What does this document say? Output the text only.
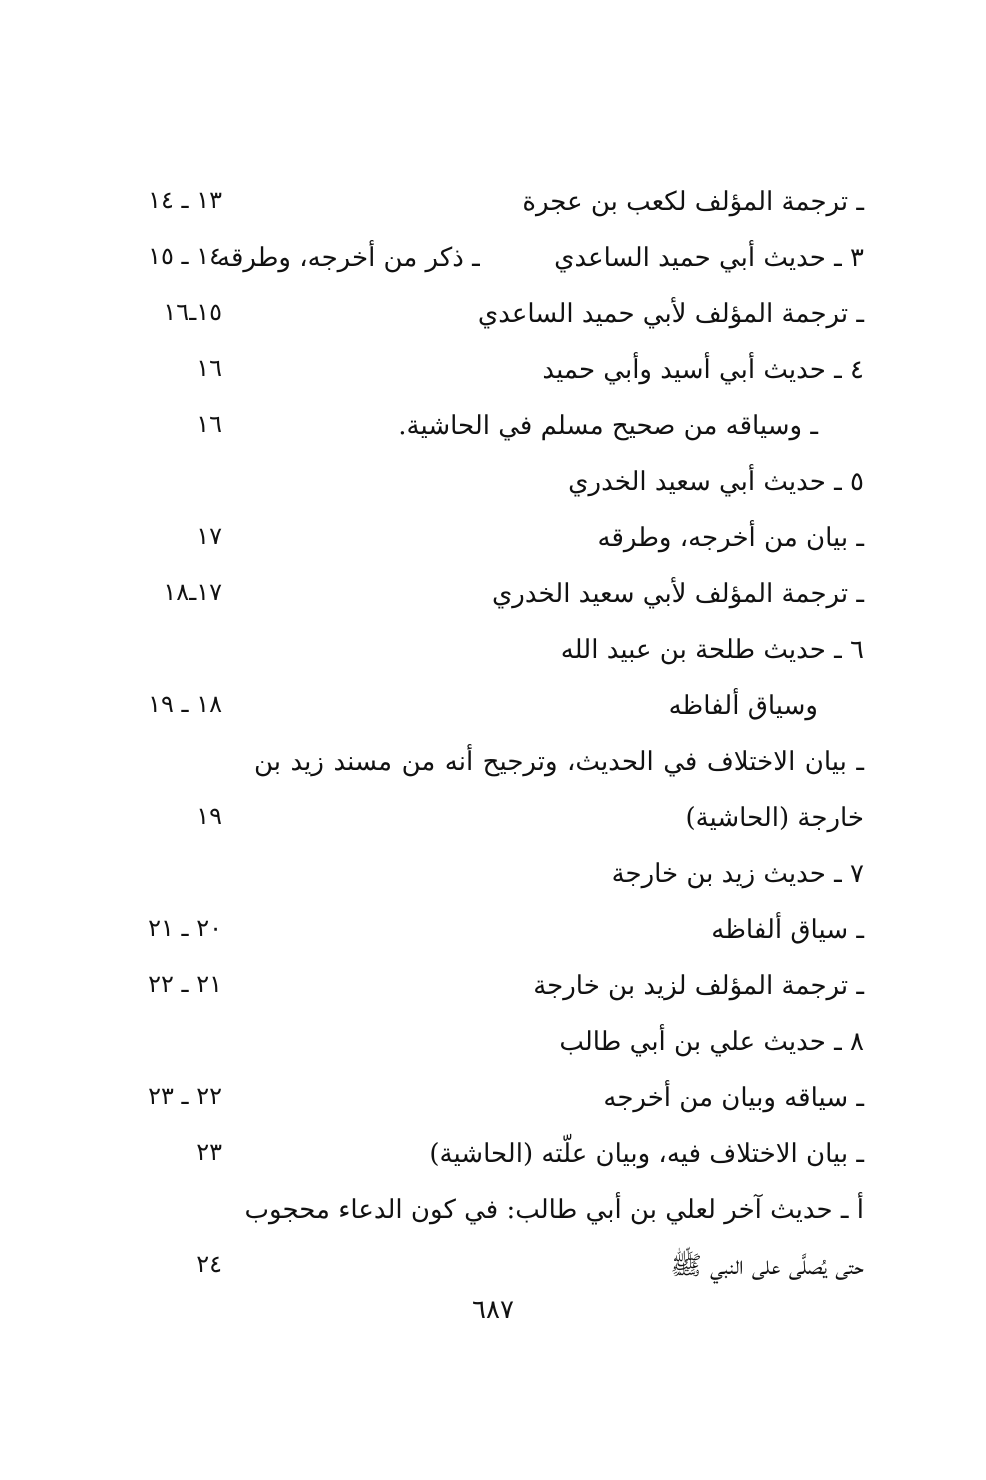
ـ ترجمة المؤلف لكعب بن عجرة
١٣ ـ ١٤
٣ ـ حديث أبي حميد الساعدي         ـ ذكر من أخرجه، وطرقه
١٤ ـ ١٥
ـ ترجمة المؤلف لأبي حميد الساعدي
١٥ـ١٦
٤ ـ حديث أبي أسيد وأبي حميد
١٦
ـ وسياقه من صحيح مسلم في الحاشية.
١٦
٥ ـ حديث أبي سعيد الخدري
ـ بيان من أخرجه، وطرقه
١٧
ـ ترجمة المؤلف لأبي سعيد الخدري
١٧ـ١٨
٦ ـ حديث طلحة بن عبيد الله
وسياق ألفاظه
١٨ ـ ١٩
ـ بيان الاختلاف في الحديث، وترجيح أنه من مسند زيد بن
خارجة (الحاشية)
١٩
٧ ـ حديث زيد بن خارجة
ـ سياق ألفاظه
٢٠ ـ ٢١
ـ ترجمة المؤلف لزيد بن خارجة
٢١ ـ ٢٢
٨ ـ حديث علي بن أبي طالب
ـ سياقه وبيان من أخرجه
٢٢ ـ ٢٣
ـ بيان الاختلاف فيه، وبيان علّته (الحاشية)
٢٣
أ ـ حديث آخر لعلي بن أبي طالب: في كون الدعاء محجوب
حتى يُصلَّى على النبي ﷺ
٢٤
٦٨٧
